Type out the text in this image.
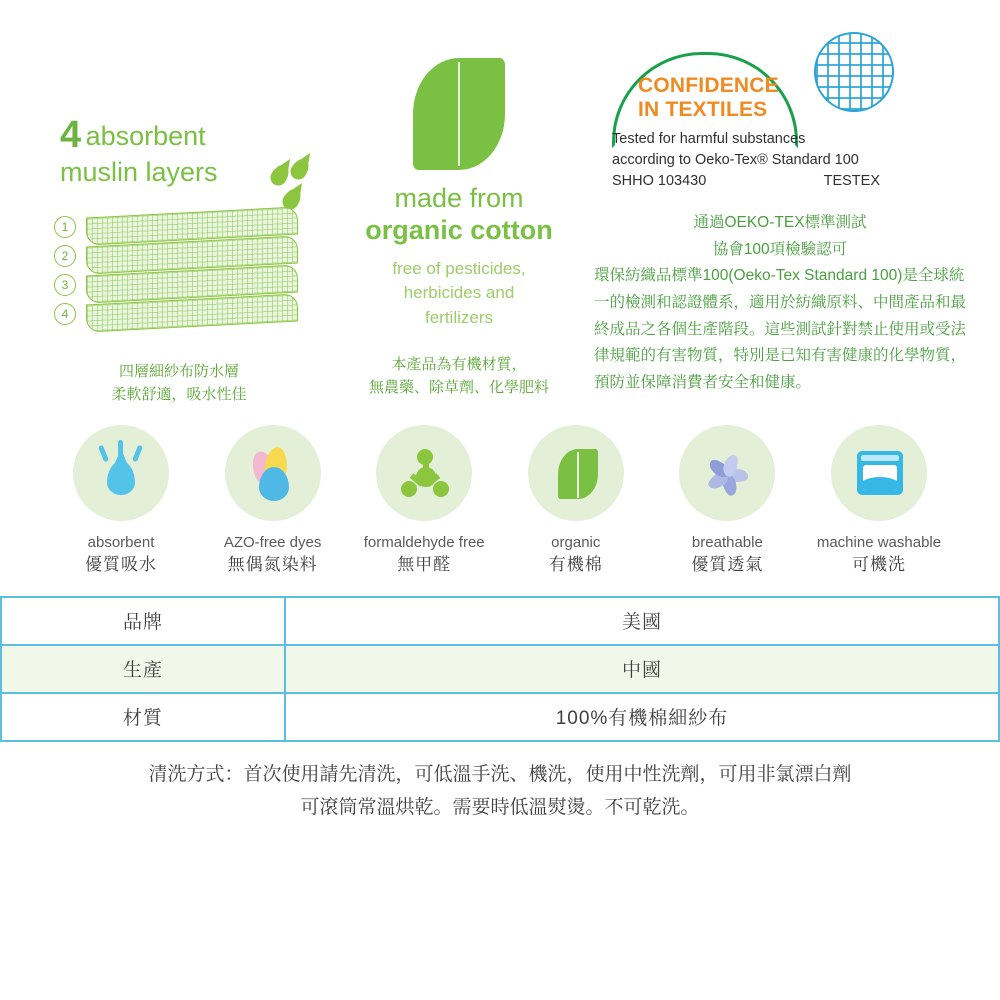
4 absorbent
muslin layers
1
2
3
4
四層細紗布防水層
柔軟舒適，吸水性佳
made from
organic cotton
free of pesticides,
herbicides and
fertilizers
本產品為有機材質，
無農藥、除草劑、化學肥料
CONFIDENCE
IN TEXTILES
Tested for harmful substances
according to Oeko-Tex® Standard 100
SHHO 103430	TESTEX
通過OEKO-TEX標準測試
協會100項檢驗認可
環保紡織品標準100(Oeko-Tex Standard 100)是全球統一的檢測和認證體系，適用於紡織原料、中間產品和最終成品之各個生產階段。這些測試針對禁止使用或受法律規範的有害物質，特別是已知有害健康的化學物質，預防並保障消費者安全和健康。
absorbent
優質吸水
AZO-free dyes
無偶氮染料
formaldehyde free
無甲醛
organic
有機棉
breathable
優質透氣
machine washable
可機洗
品牌	美國
生產	中國
材質	100%有機棉細紗布
清洗方式：首次使用請先清洗，可低溫手洗、機洗，使用中性洗劑，可用非氯漂白劑
可滾筒常溫烘乾。需要時低溫熨燙。不可乾洗。
